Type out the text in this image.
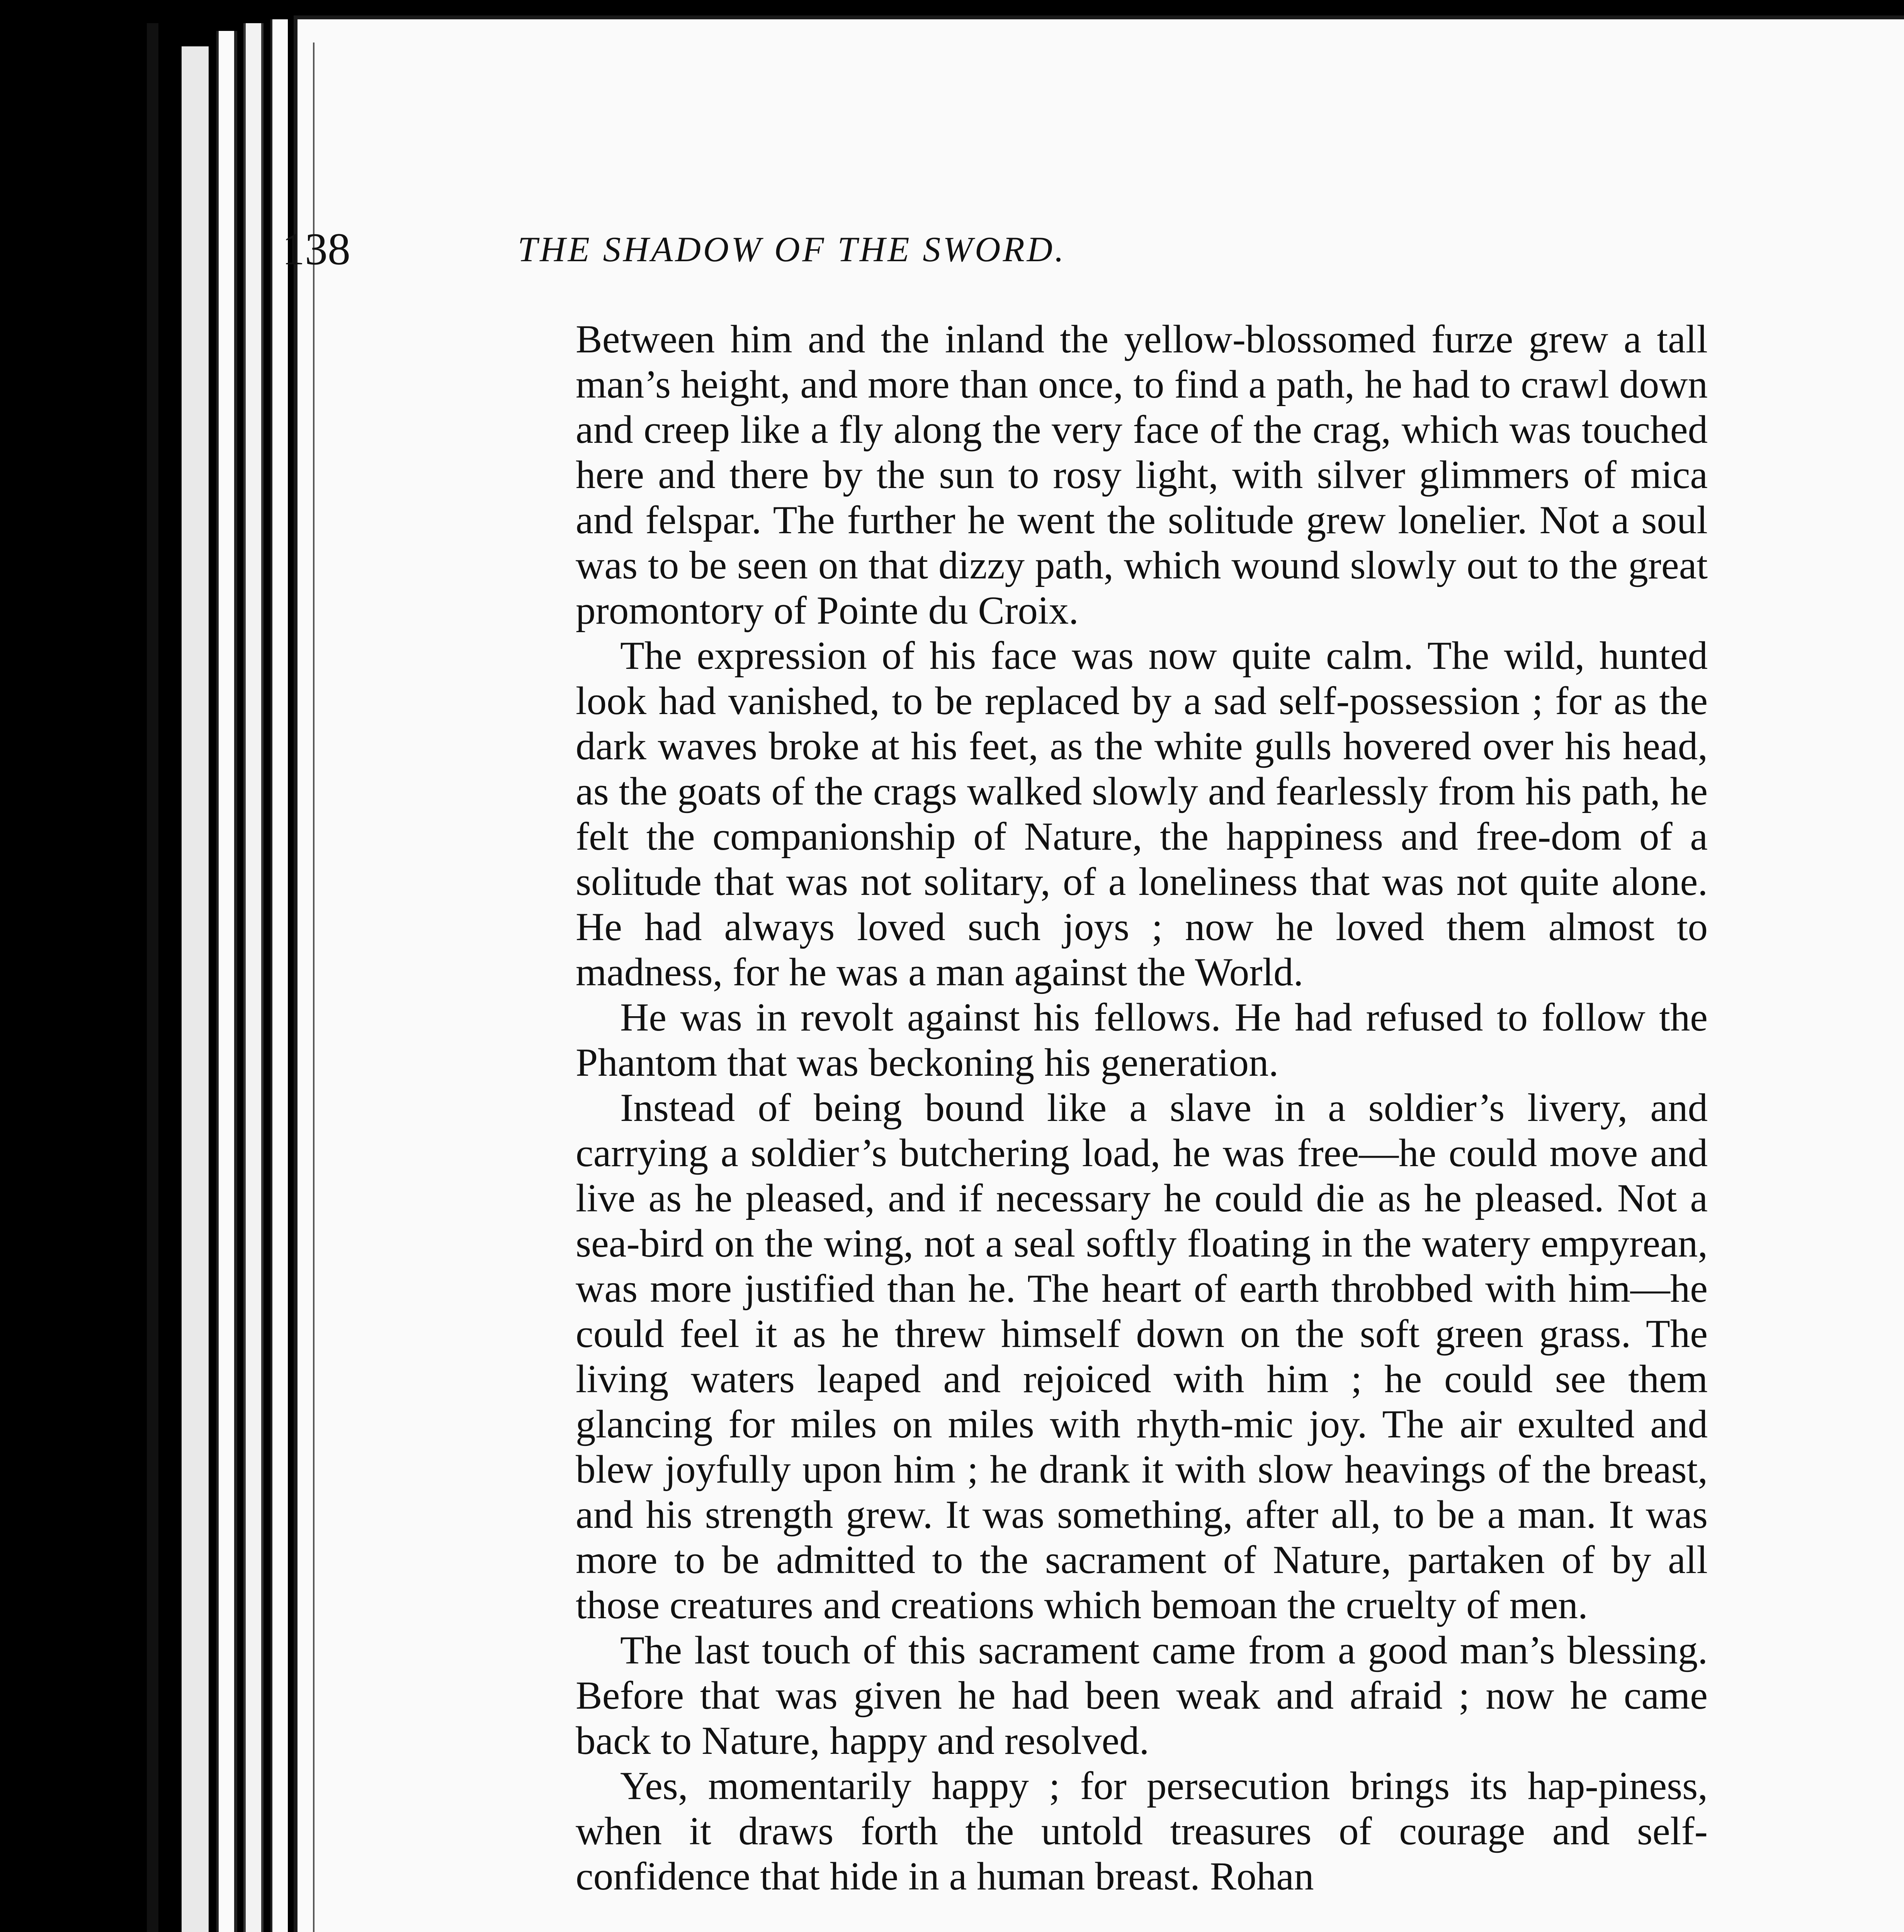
138	THE SHADOW OF THE SWORD.

Between him and the inland the yellow-blossomed furze grew a tall man’s height, and more than once, to find a path, he had to crawl down and creep like a fly along the very face of the crag, which was touched here and there by the sun to rosy light, with silver glimmers of mica and felspar. The further he went the solitude grew lonelier. Not a soul was to be seen on that dizzy path, which wound slowly out to the great promontory of Pointe du Croix.

The expression of his face was now quite calm. The wild, hunted look had vanished, to be replaced by a sad self-possession ; for as the dark waves broke at his feet, as the white gulls hovered over his head, as the goats of the crags walked slowly and fearlessly from his path, he felt the companionship of Nature, the happiness and free-dom of a solitude that was not solitary, of a loneliness that was not quite alone. He had always loved such joys ; now he loved them almost to madness, for he was a man against the World.

He was in revolt against his fellows. He had refused to follow the Phantom that was beckoning his generation.

Instead of being bound like a slave in a soldier’s livery, and carrying a soldier’s butchering load, he was free—he could move and live as he pleased, and if necessary he could die as he pleased. Not a sea-bird on the wing, not a seal softly floating in the watery empyrean, was more justified than he. The heart of earth throbbed with him—he could feel it as he threw himself down on the soft green grass. The living waters leaped and rejoiced with him ; he could see them glancing for miles on miles with rhyth-mic joy. The air exulted and blew joyfully upon him ; he drank it with slow heavings of the breast, and his strength grew. It was something, after all, to be a man. It was more to be admitted to the sacrament of Nature, partaken of by all those creatures and creations which bemoan the cruelty of men.

The last touch of this sacrament came from a good man’s blessing. Before that was given he had been weak and afraid ; now he came back to Nature, happy and resolved.

Yes, momentarily happy ; for persecution brings its hap-piness, when it draws forth the untold treasures of courage and self-confidence that hide in a human breast. Rohan
